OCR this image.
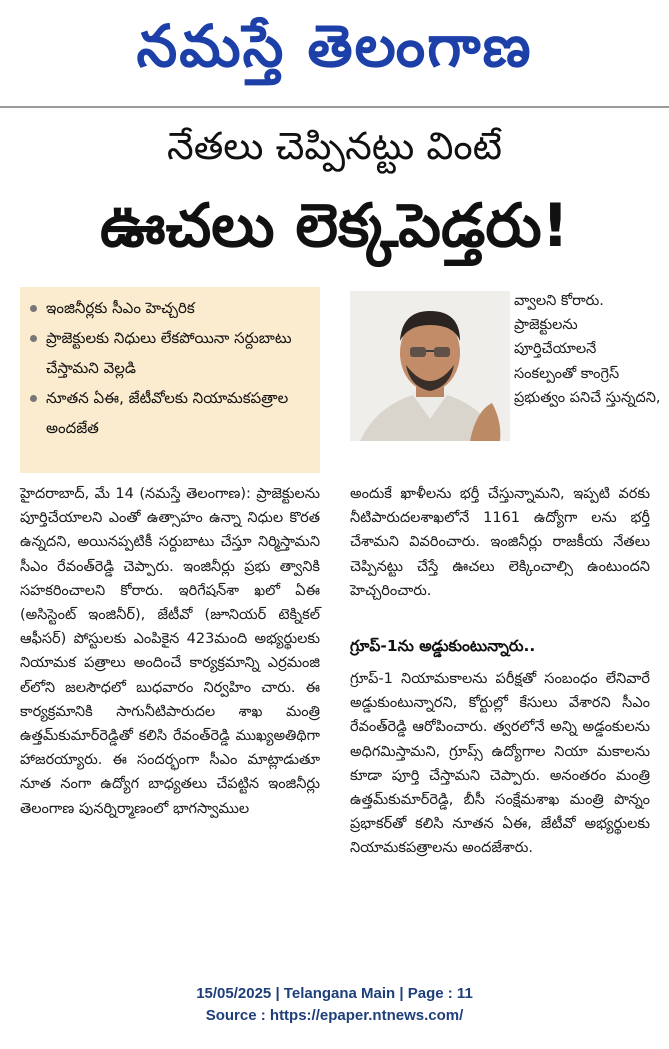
నమస్తే తెలంగాణ
నేతలు చెప్పినట్టు వింటే
ఊచలు లెక్కపెడ్తరు!
ఇంజినీర్లకు సీఎం హెచ్చరిక
ప్రాజెక్టులకు నిధులు లేకపోయినా సర్దుబాటు చేస్తామని వెల్లడి
నూతన ఏఈ, జేటీవోలకు నియామకపత్రాల అందజేత

వ్వాలని కోరారు. ప్రాజెక్టులను పూర్తిచేయాలనే సంకల్పంతో కాంగ్రెస్ ప్రభుత్వం పనిచే స్తున్నదని,

హైదరాబాద్, మే 14 (నమస్తే తెలంగాణ): ప్రాజెక్టులను పూర్తిచేయాలని ఎంతో ఉత్సాహం ఉన్నా నిధుల కొరత ఉన్నదని, అయినప్పటికీ సర్దుబాటు చేస్తూ నిర్మిస్తామని సీఎం రేవంత్‌రెడ్డి చెప్పారు. ఇంజినీర్లు ప్రభు త్వానికి సహకరించాలని కోరారు. ఇరిగేషన్‌శా ఖలో ఏఈ (అసిస్టెంట్ ఇంజినీర్), జేటీవో (జూనియర్ టెక్నికల్ ఆఫీసర్) పోస్టులకు ఎంపికైన 423మంది అభ్యర్థులకు నియామక పత్రాలు అందించే కార్యక్రమాన్ని ఎర్రమంజి ల్‌లోని జలసౌధలో బుధవారం నిర్వహిం చారు. ఈ కార్యక్రమానికి సాగునీటిపారుదల శాఖ మంత్రి ఉత్తమ్‌కుమార్‌రెడ్డితో కలిసి రేవంత్‌రెడ్డి ముఖ్యఅతిథిగా హాజరయ్యారు. ఈ సందర్భంగా సీఎం మాట్లాడుతూ నూత నంగా ఉద్యోగ బాధ్యతలు చేపట్టిన ఇంజినీర్లు తెలంగాణ పునర్నిర్మాణంలో భాగస్వాముల

అందుకే ఖాళీలను భర్తీ చేస్తున్నామని, ఇప్పటి వరకు నీటిపారుదలశాఖలోనే 1161 ఉద్యోగా లను భర్తీ చేశామని వివరించారు. ఇంజినీర్లు రాజకీయ నేతలు చెప్పినట్టు చేస్తే ఊచలు లెక్కించాల్సి ఉంటుందని హెచ్చరించారు.

గ్రూప్-1ను అడ్డుకుంటున్నారు..

గ్రూప్-1 నియామకాలను పరీక్షతో సంబంధం లేనివారే అడ్డుకుంటున్నారని, కోర్టుల్లో కేసులు వేశారని సీఎం రేవంత్‌రెడ్డి ఆరోపించారు. త్వరలోనే అన్ని అడ్డంకులను అధిగమిస్తామని, గ్రూప్స్ ఉద్యోగాల నియా మకాలను కూడా పూర్తి చేస్తామని చెప్పారు. అనంతరం మంత్రి ఉత్తమ్‌కుమార్‌రెడ్డి, బీసీ సంక్షేమశాఖ మంత్రి పొన్నం ప్రభాకర్‌తో కలిసి నూతన ఏఈ, జేటీవో అభ్యర్థులకు నియామకపత్రాలను అందజేశారు.

15/05/2025 | Telangana Main | Page : 11
Source : https://epaper.ntnews.com/
